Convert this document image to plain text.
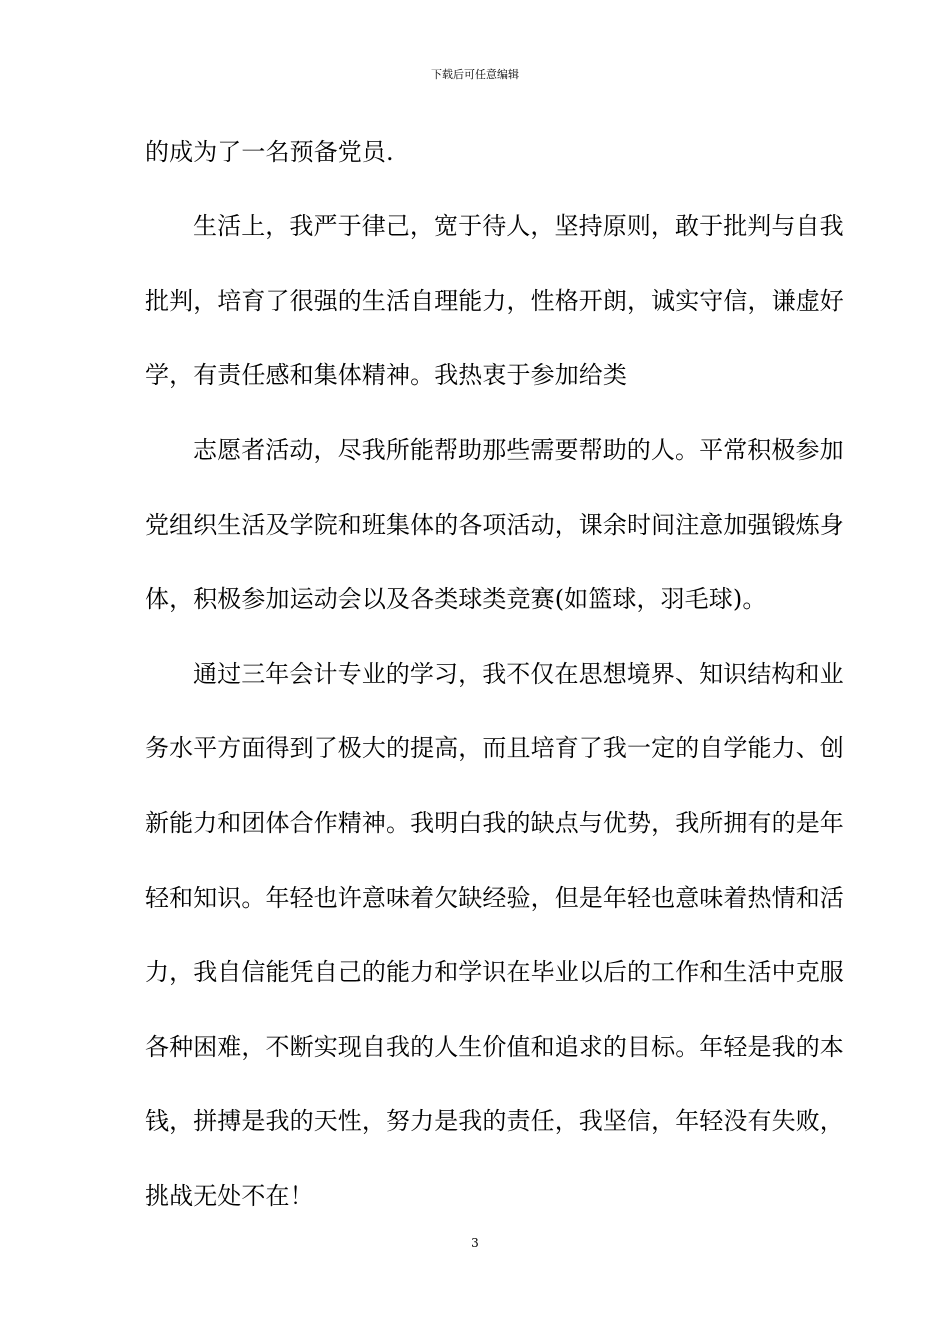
下载后可任意编辑
的成为了一名预备党员.
生活上，我严于律己，宽于待人，坚持原则，敢于批判与自我
批判，培育了很强的生活自理能力，性格开朗，诚实守信，谦虚好
学，有责任感和集体精神。我热衷于参加给类
志愿者活动，尽我所能帮助那些需要帮助的人。平常积极参加
党组织生活及学院和班集体的各项活动，课余时间注意加强锻炼身
体，积极参加运动会以及各类球类竞赛(如篮球，羽毛球)。
通过三年会计专业的学习，我不仅在思想境界、知识结构和业
务水平方面得到了极大的提高，而且培育了我一定的自学能力、创
新能力和团体合作精神。我明白我的缺点与优势，我所拥有的是年
轻和知识。年轻也许意味着欠缺经验，但是年轻也意味着热情和活
力，我自信能凭自己的能力和学识在毕业以后的工作和生活中克服
各种困难，不断实现自我的人生价值和追求的目标。年轻是我的本
钱，拼搏是我的天性，努力是我的责任，我坚信，年轻没有失败，
挑战无处不在！
3
